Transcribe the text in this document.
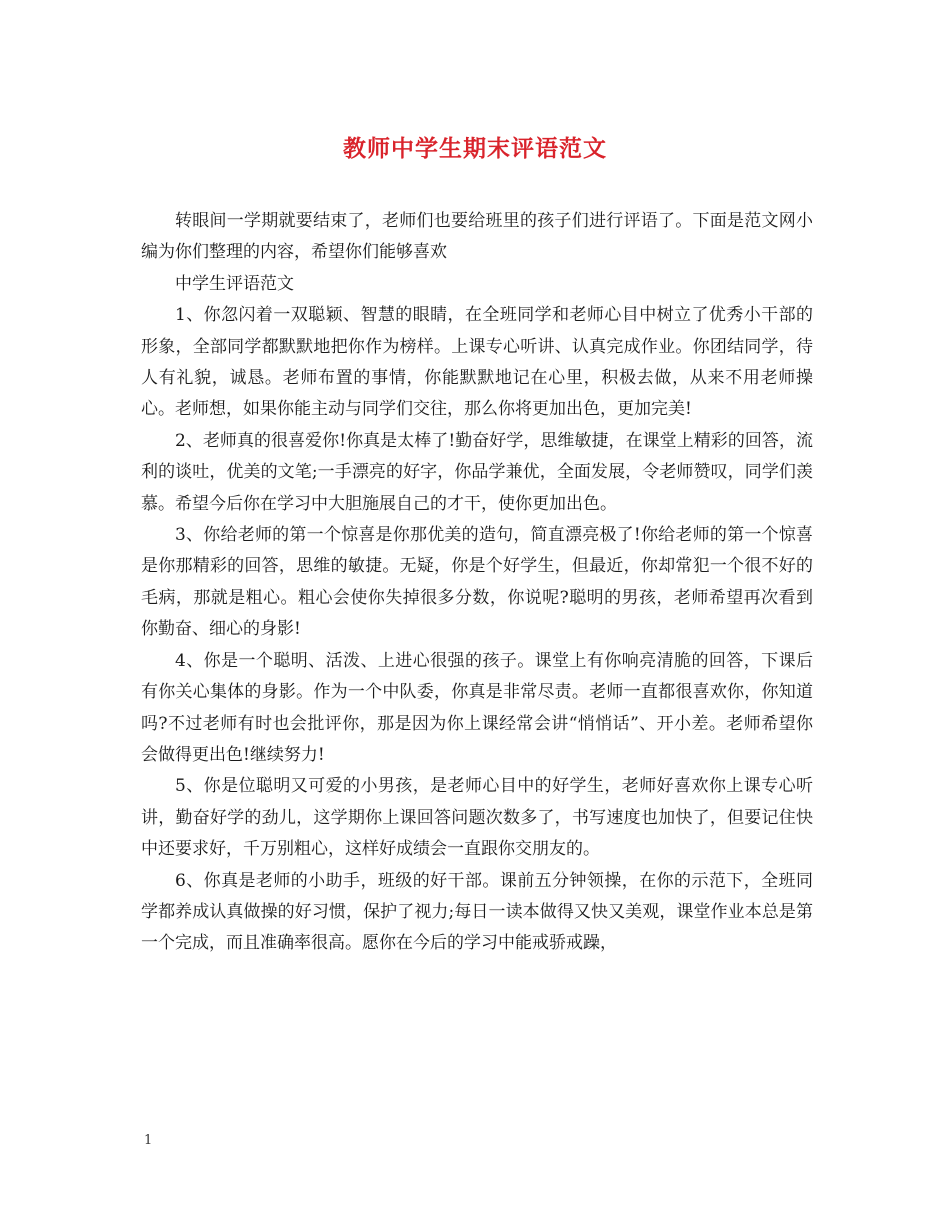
教师中学生期末评语范文

转眼间一学期就要结束了，老师们也要给班里的孩子们进行评语了。下面是范文网小编为你们整理的内容，希望你们能够喜欢

中学生评语范文

1、你忽闪着一双聪颖、智慧的眼睛，在全班同学和老师心目中树立了优秀小干部的形象，全部同学都默默地把你作为榜样。上课专心听讲、认真完成作业。你团结同学，待人有礼貌，诚恳。老师布置的事情，你能默默地记在心里，积极去做，从来不用老师操心。老师想，如果你能主动与同学们交往，那么你将更加出色，更加完美!

2、老师真的很喜爱你!你真是太棒了!勤奋好学，思维敏捷，在课堂上精彩的回答，流利的谈吐，优美的文笔;一手漂亮的好字，你品学兼优，全面发展，令老师赞叹，同学们羡慕。希望今后你在学习中大胆施展自己的才干，使你更加出色。

3、你给老师的第一个惊喜是你那优美的造句，简直漂亮极了!你给老师的第一个惊喜是你那精彩的回答，思维的敏捷。无疑，你是个好学生，但最近，你却常犯一个很不好的毛病，那就是粗心。粗心会使你失掉很多分数，你说呢?聪明的男孩，老师希望再次看到你勤奋、细心的身影!

4、你是一个聪明、活泼、上进心很强的孩子。课堂上有你响亮清脆的回答，下课后有你关心集体的身影。作为一个中队委，你真是非常尽责。老师一直都很喜欢你，你知道吗?不过老师有时也会批评你，那是因为你上课经常会讲“悄悄话”、开小差。老师希望你会做得更出色!继续努力!

5、你是位聪明又可爱的小男孩，是老师心目中的好学生，老师好喜欢你上课专心听讲，勤奋好学的劲儿，这学期你上课回答问题次数多了，书写速度也加快了，但要记住快中还要求好，千万别粗心，这样好成绩会一直跟你交朋友的。

6、你真是老师的小助手，班级的好干部。课前五分钟领操，在你的示范下，全班同学都养成认真做操的好习惯，保护了视力;每日一读本做得又快又美观，课堂作业本总是第一个完成，而且准确率很高。愿你在今后的学习中能戒骄戒躁，

1
